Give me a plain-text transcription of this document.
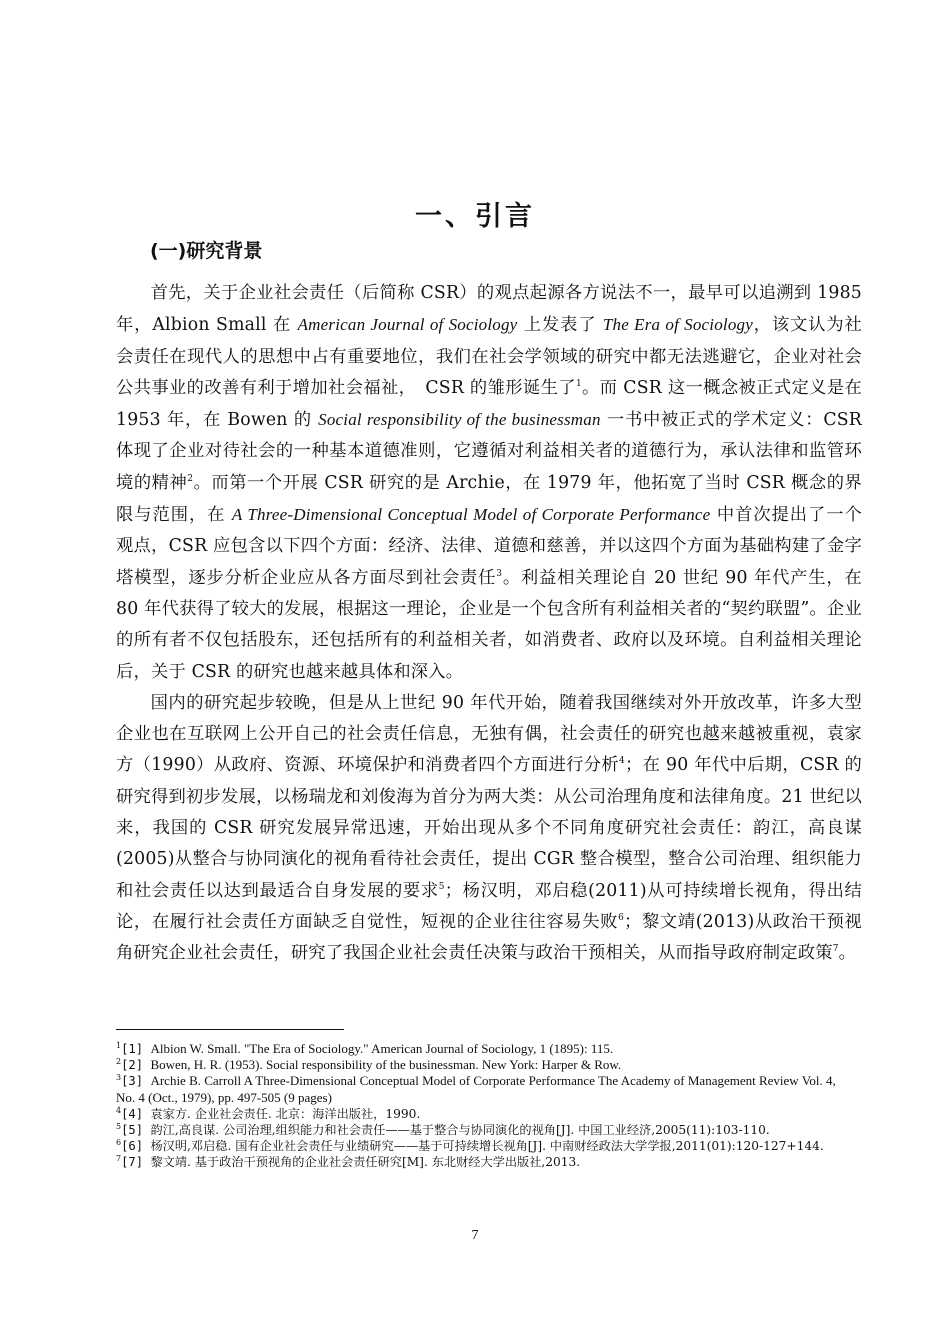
一、引言
(一)研究背景

首先，关于企业社会责任（后简称 CSR）的观点起源各方说法不一，最早可以追溯到 1985年，Albion Small 在 American Journal of Sociology 上发表了 The Era of Sociology，该文认为社会责任在现代人的思想中占有重要地位，我们在社会学领域的研究中都无法逃避它，企业对社会公共事业的改善有利于增加社会福祉，　CSR 的雏形诞生了$^1$。而 CSR 这一概念被正式定义是在 1953 年，在 Bowen 的 Social responsibility of the businessman 一书中被正式的学术定义：CSR 体现了企业对待社会的一种基本道德准则，它遵循对利益相关者的道德行为，承认法律和监管环境的精神$^2$。而第一个开展 CSR 研究的是 Archie，在 1979 年，他拓宽了当时 CSR 概念的界限与范围，在 A Three-Dimensional Conceptual Model of Corporate Performance 中首次提出了一个观点，CSR 应包含以下四个方面：经济、法律、道德和慈善，并以这四个方面为基础构建了金字塔模型，逐步分析企业应从各方面尽到社会责任$^3$。利益相关理论自 20 世纪 90 年代产生，在 80 年代获得了较大的发展，根据这一理论，企业是一个包含所有利益相关者的“契约联盟”。企业的所有者不仅包括股东，还包括所有的利益相关者，如消费者、政府以及环境。自利益相关理论后，关于 CSR 的研究也越来越具体和深入。

国内的研究起步较晚，但是从上世纪 90 年代开始，随着我国继续对外开放改革，许多大型企业也在互联网上公开自己的社会责任信息，无独有偶，社会责任的研究也越来越被重视，袁家方（1990）从政府、资源、环境保护和消费者四个方面进行分析$^4$；在 90 年代中后期，CSR 的研究得到初步发展，以杨瑞龙和刘俊海为首分为两大类：从公司治理角度和法律角度。21 世纪以来，我国的 CSR 研究发展异常迅速，开始出现从多个不同角度研究社会责任：韵江，高良谋(2005)从整合与协同演化的视角看待社会责任，提出 CGR 整合模型，整合公司治理、组织能力和社会责任以达到最适合自身发展的要求$^5$；杨汉明，邓启稳(2011)从可持续增长视角，得出结论，在履行社会责任方面缺乏自觉性，短视的企业往往容易失败$^6$；黎文靖(2013)从政治干预视角研究企业社会责任，研究了我国企业社会责任决策与政治干预相关，从而指导政府制定政策$^7$。

$^1$[1] Albion W. Small. "The Era of Sociology." American Journal of Sociology, 1 (1895): 115.

$^2$[2] Bowen, H. R. (1953). Social responsibility of the businessman. New York: Harper & Row.

$^3$[3] Archie B. Carroll A Three-Dimensional Conceptual Model of Corporate Performance The Academy of Management Review Vol. 4, No. 4 (Oct., 1979), pp. 497-505 (9 pages)

$^4$[4] 袁家方. 企业社会责任. 北京：海洋出版社，1990.

$^5$[5] 韵江,高良谋. 公司治理,组织能力和社会责任——基于整合与协同演化的视角[J]. 中国工业经济,2005(11):103-110.

$^6$[6] 杨汉明,邓启稳. 国有企业社会责任与业绩研究——基于可持续增长视角[J]. 中南财经政法大学学报,2011(01):120-127+144.

$^7$[7] 黎文靖. 基于政治干预视角的企业社会责任研究[M]. 东北财经大学出版社,2013.

7
